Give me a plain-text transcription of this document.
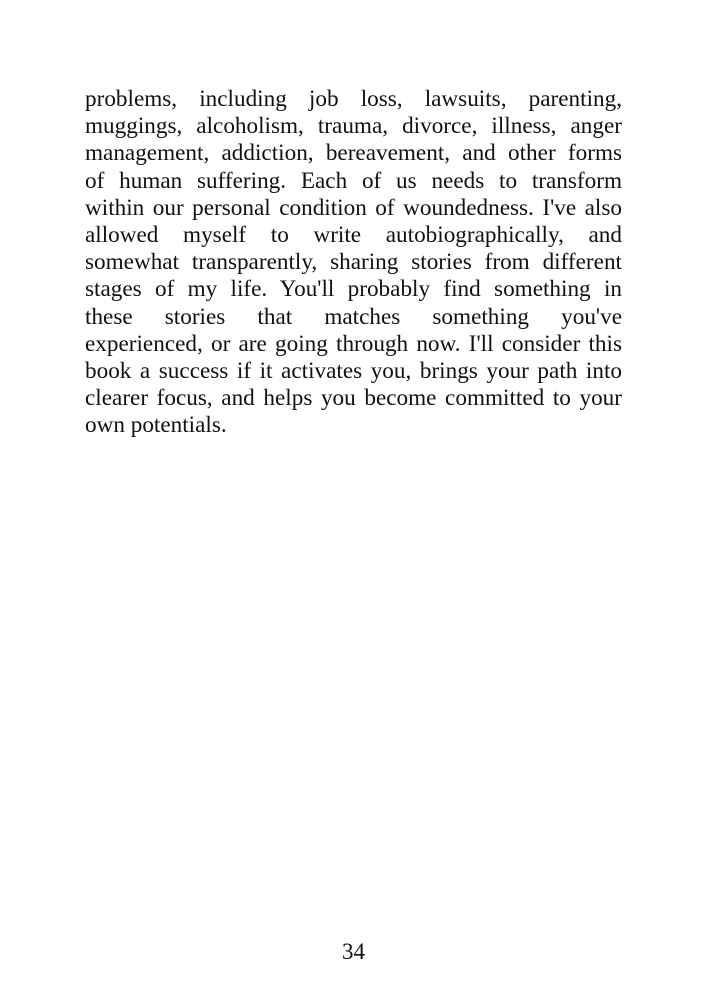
problems, including job loss, lawsuits, parenting,
muggings, alcoholism, trauma, divorce, illness, anger
management, addiction, bereavement, and other forms
of human suffering. Each of us needs to transform
within our personal condition of woundedness. I've also
allowed myself to write autobiographically, and
somewhat transparently, sharing stories from different
stages of my life. You'll probably find something in
these stories that matches something you've
experienced, or are going through now. I'll consider this
book a success if it activates you, brings your path into
clearer focus, and helps you become committed to your
own potentials.

34
